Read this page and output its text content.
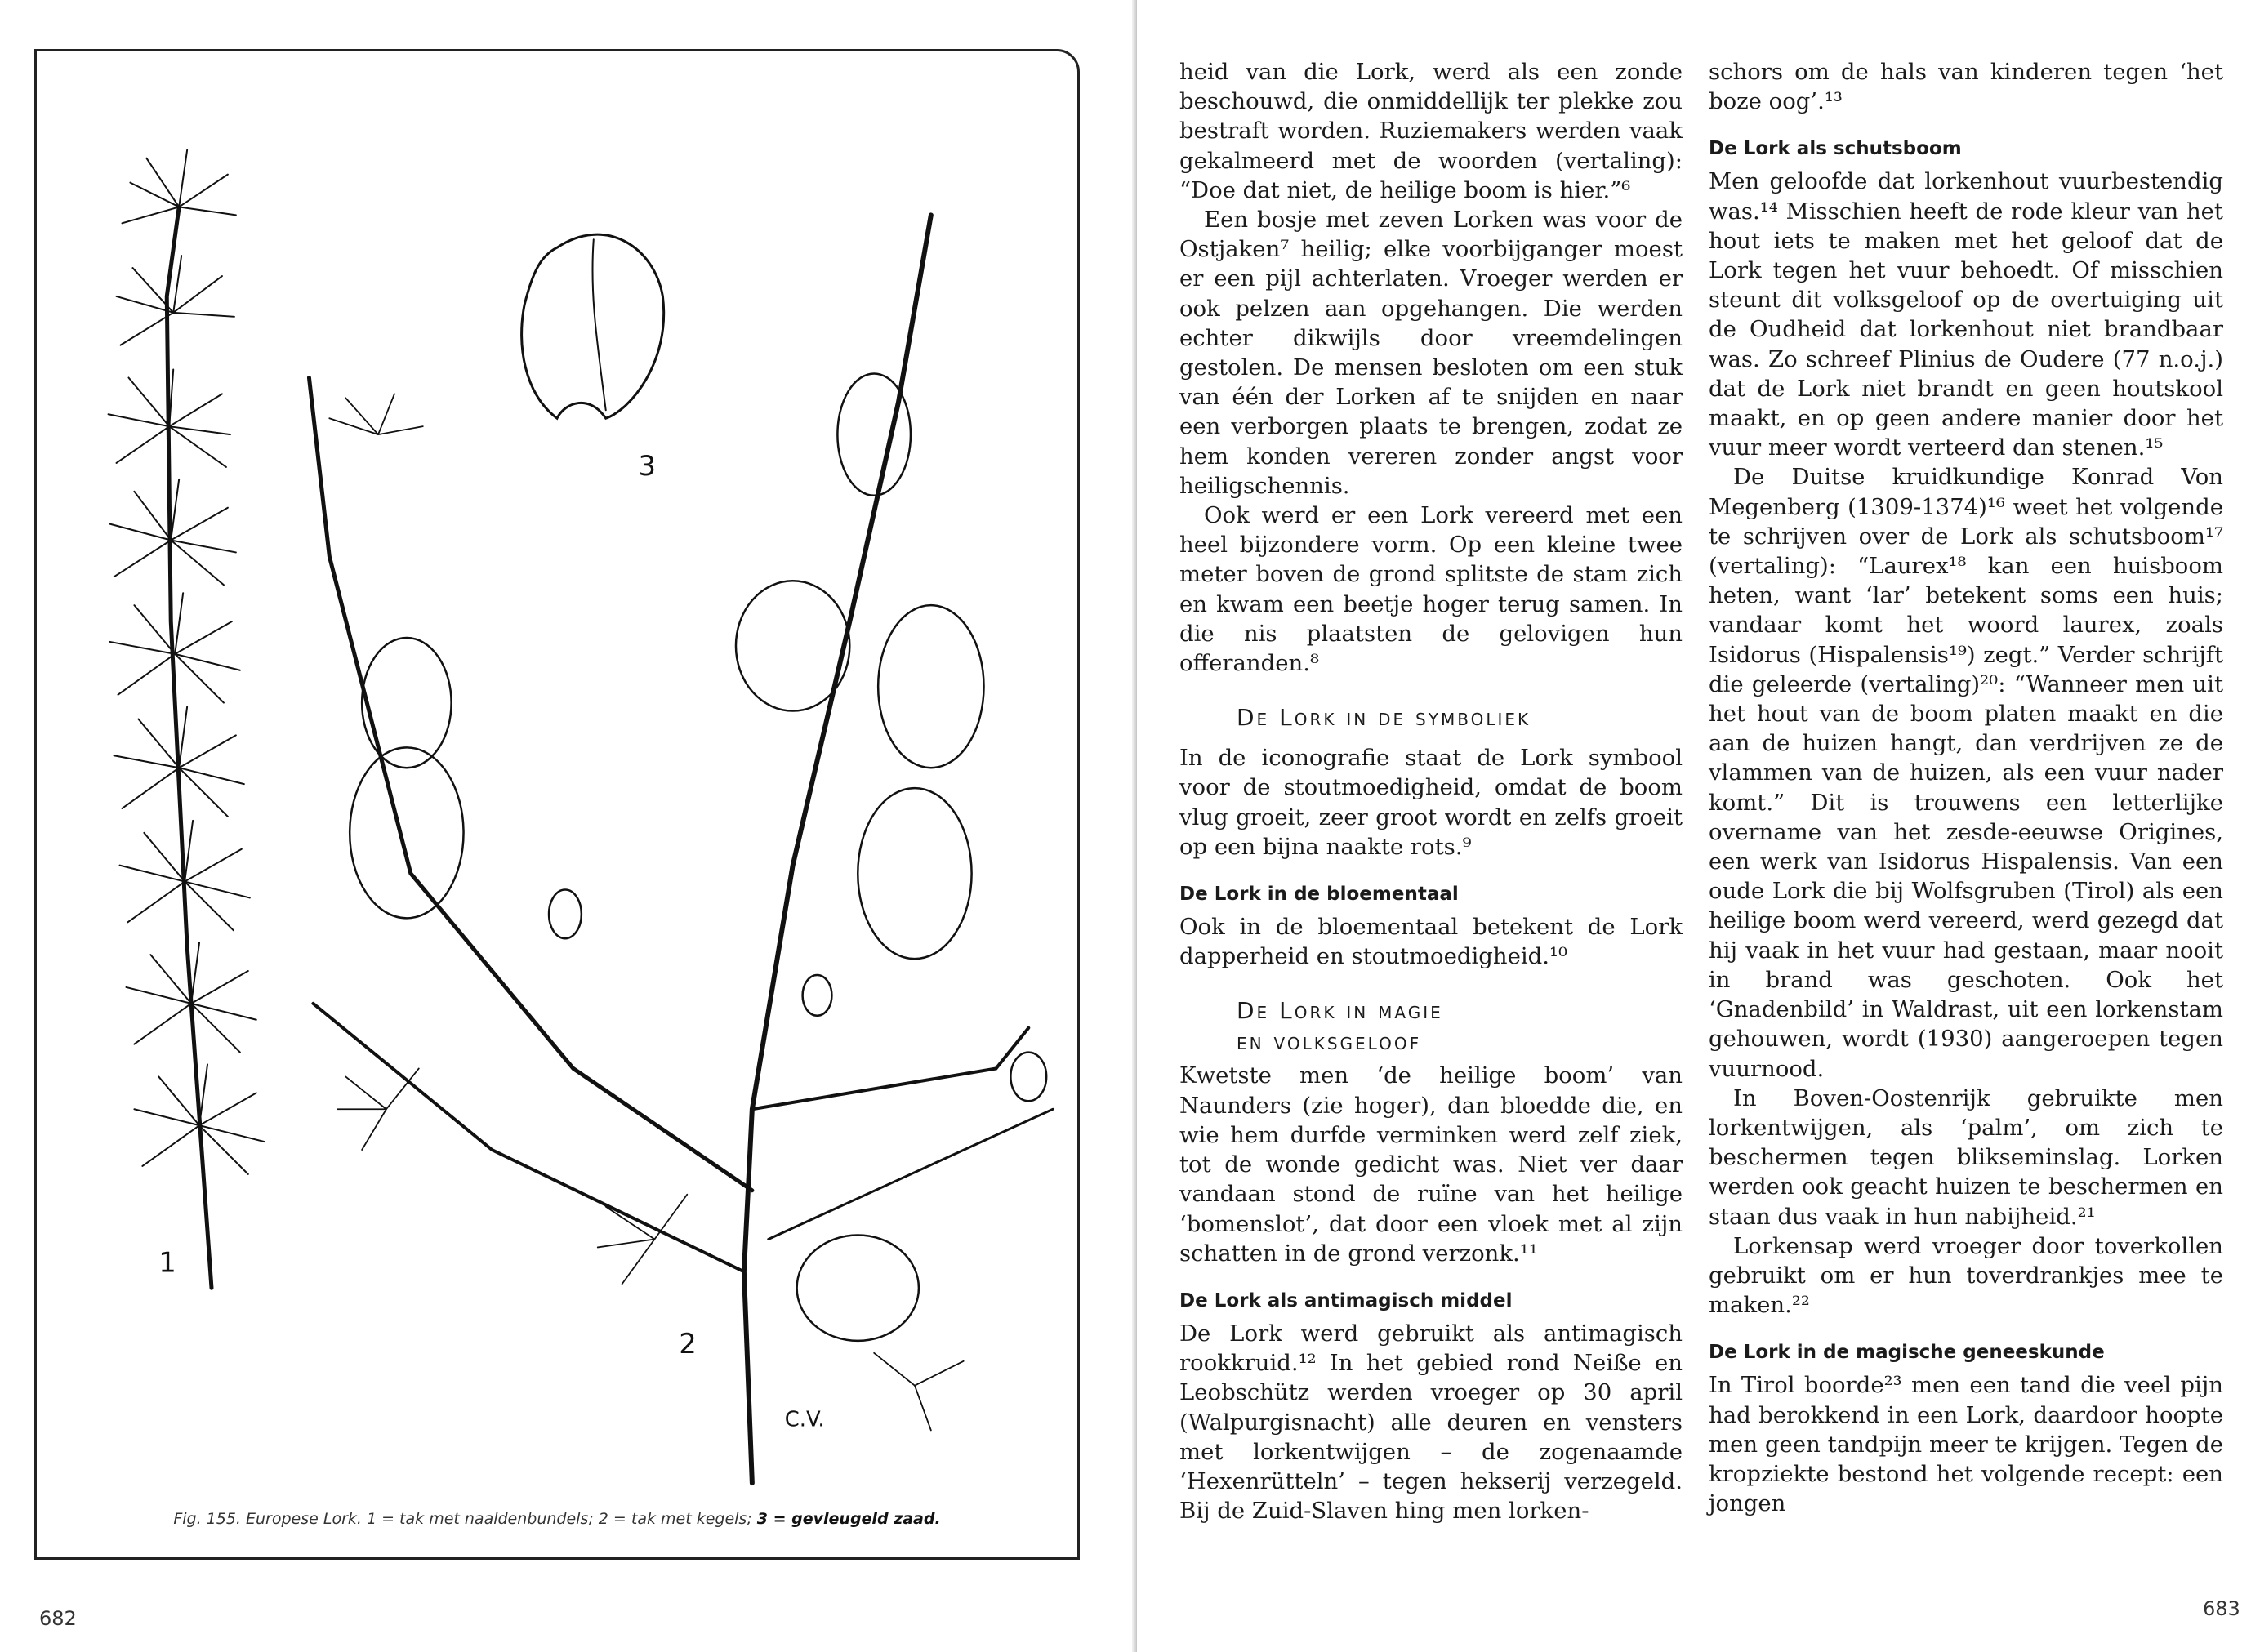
1
2
3
C.V.
Fig. 155. Europese Lork. 1 = tak met naaldenbundels; 2 = tak met kegels; 3 = gevleugeld zaad.
682

heid van die Lork, werd als een zonde beschouwd, die onmiddellijk ter plekke zou bestraft worden. Ruziemakers werden vaak gekalmeerd met de woorden (vertaling): “Doe dat niet, de heilige boom is hier.”⁶

Een bosje met zeven Lorken was voor de Ostjaken⁷ heilig; elke voorbijganger moest er een pijl achterlaten. Vroeger werden er ook pelzen aan opgehangen. Die werden echter dikwijls door vreemdelingen gestolen. De mensen besloten om een stuk van één der Lorken af te snijden en naar een verborgen plaats te brengen, zodat ze hem konden vereren zonder angst voor heiligschennis.

Ook werd er een Lork vereerd met een heel bijzondere vorm. Op een kleine twee meter boven de grond splitste de stam zich en kwam een beetje hoger terug samen. In die nis plaatsten de gelovigen hun offeranden.⁸

De Lork in de symboliek

In de iconografie staat de Lork symbool voor de stoutmoedigheid, omdat de boom vlug groeit, zeer groot wordt en zelfs groeit op een bijna naakte rots.⁹

De Lork in de bloementaal

Ook in de bloementaal betekent de Lork dapperheid en stoutmoedigheid.¹⁰

De Lork in magie
en volksgeloof

Kwetste men ‘de heilige boom’ van Naunders (zie hoger), dan bloedde die, en wie hem durfde verminken werd zelf ziek, tot de wonde gedicht was. Niet ver daar vandaan stond de ruïne van het heilige ‘bomenslot’, dat door een vloek met al zijn schatten in de grond verzonk.¹¹

De Lork als antimagisch middel

De Lork werd gebruikt als antimagisch rookkruid.¹² In het gebied rond Neiße en Leobschütz werden vroeger op 30 april (Walpurgisnacht) alle deuren en vensters met lorkentwijgen – de zogenaamde ‘Hexenrütteln’ – tegen hekserij verzegeld. Bij de Zuid-Slaven hing men lorken-

schors om de hals van kinderen tegen ‘het boze oog’.¹³

De Lork als schutsboom

Men geloofde dat lorkenhout vuurbestendig was.¹⁴ Misschien heeft de rode kleur van het hout iets te maken met het geloof dat de Lork tegen het vuur behoedt. Of misschien steunt dit volksgeloof op de overtuiging uit de Oudheid dat lorkenhout niet brandbaar was. Zo schreef Plinius de Oudere (77 n.o.j.) dat de Lork niet brandt en geen houtskool maakt, en op geen andere manier door het vuur meer wordt verteerd dan stenen.¹⁵

De Duitse kruidkundige Konrad Von Megenberg (1309-1374)¹⁶ weet het volgende te schrijven over de Lork als schutsboom¹⁷ (vertaling): “Laurex¹⁸ kan een huisboom heten, want ‘lar’ betekent soms een huis; vandaar komt het woord laurex, zoals Isidorus (Hispalensis¹⁹) zegt.” Verder schrijft die geleerde (vertaling)²⁰: “Wanneer men uit het hout van de boom platen maakt en die aan de huizen hangt, dan verdrijven ze de vlammen van de huizen, als een vuur nader komt.” Dit is trouwens een letterlijke overname van het zesde-eeuwse Origines, een werk van Isidorus Hispalensis. Van een oude Lork die bij Wolfsgruben (Tirol) als een heilige boom werd vereerd, werd gezegd dat hij vaak in het vuur had gestaan, maar nooit in brand was geschoten. Ook het ‘Gnadenbild’ in Waldrast, uit een lorkenstam gehouwen, wordt (1930) aangeroepen tegen vuurnood.

In Boven-Oostenrijk gebruikte men lorkentwijgen, als ‘palm’, om zich te beschermen tegen blikseminslag. Lorken werden ook geacht huizen te beschermen en staan dus vaak in hun nabijheid.²¹

Lorkensap werd vroeger door toverkollen gebruikt om er hun toverdrankjes mee te maken.²²

De Lork in de magische geneeskunde

In Tirol boorde²³ men een tand die veel pijn had berokkend in een Lork, daardoor hoopte men geen tandpijn meer te krijgen. Tegen de kropziekte bestond het volgende recept: een jongen

683
